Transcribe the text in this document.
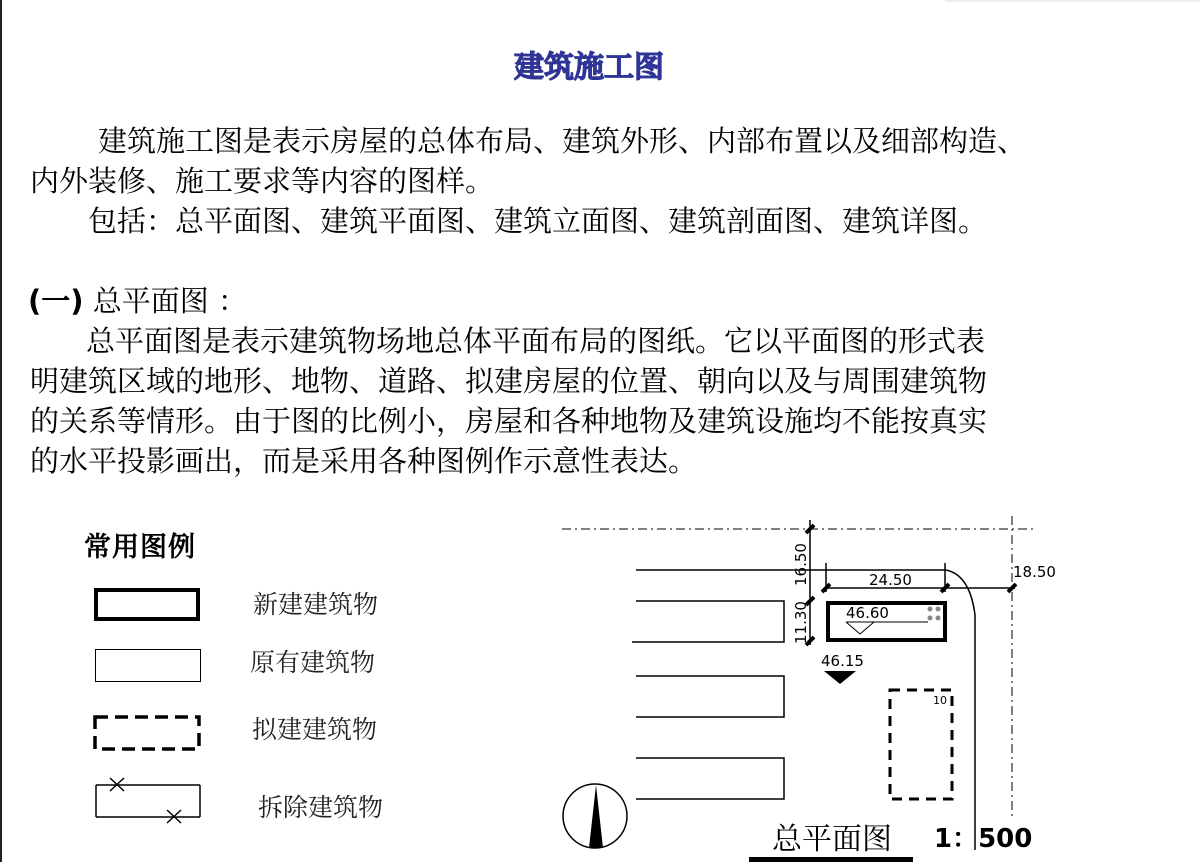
建筑施工图
建筑施工图是表示房屋的总体布局、建筑外形、内部布置以及细部构造、
内外装修、施工要求等内容的图样。
包括：总平面图、建筑平面图、建筑立面图、建筑剖面图、建筑详图。
(一) 总平面图 ：
总平面图是表示建筑物场地总体平面布局的图纸。它以平面图的形式表
明建筑区域的地形、地物、道路、拟建房屋的位置、朝向以及与周围建筑物
的关系等情形。由于图的比例小，房屋和各种地物及建筑设施均不能按真实
的水平投影画出，而是采用各种图例作示意性表达。
常用图例
新建建筑物
原有建筑物
拟建建筑物
拆除建筑物
16.50
11.30
24.50	18.50
46.60
46.15
10
总平面图 1：500
